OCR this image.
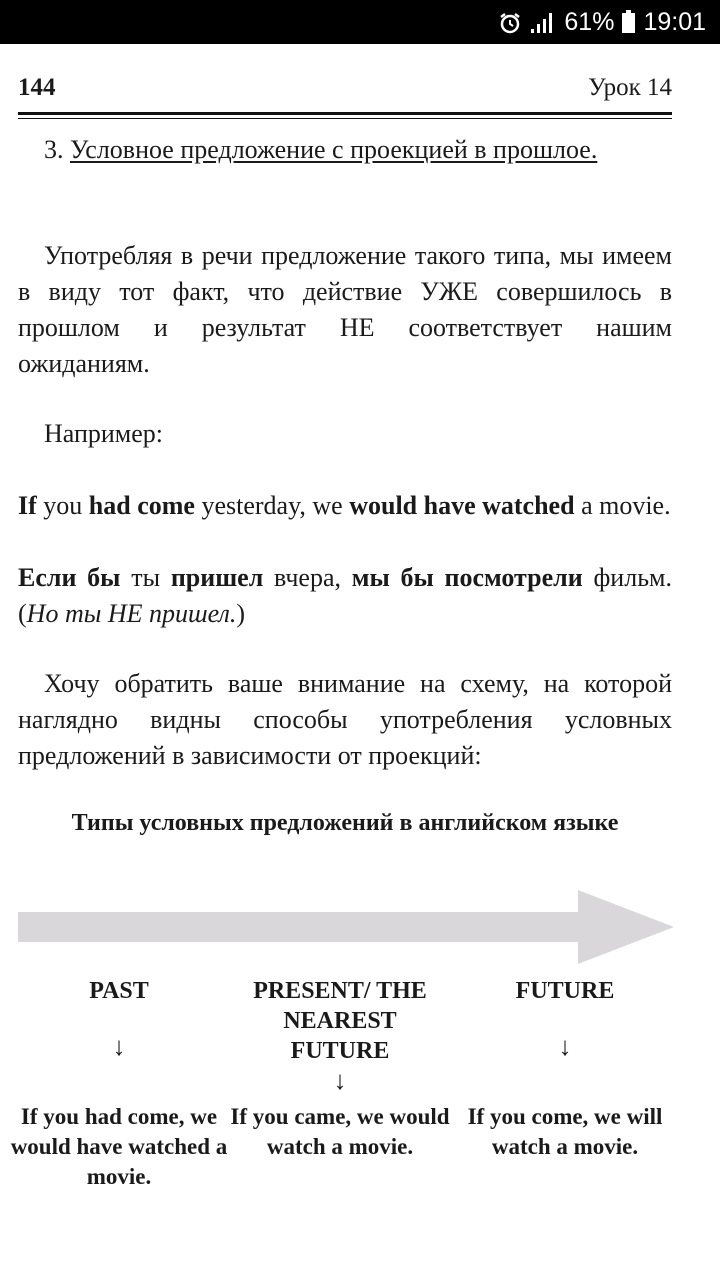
61% 19:01
144	Урок 14
3. Условное предложение с проекцией в прошлое.
Употребляя в речи предложение такого типа, мы имеем в виду тот факт, что действие УЖЕ совершилось в прошлом и результат НЕ соответствует нашим ожиданиям.
Например:
If you had come yesterday, we would have watched a movie.
Если бы ты пришел вчера, мы бы посмотрели фильм. (Но ты НЕ пришел.)
Хочу обратить ваше внимание на схему, на которой наглядно видны способы употребления условных предложений в зависимости от проекций:
Типы условных предложений в английском языке
PAST
↓
PRESENT/ THE NEAREST FUTURE
↓
FUTURE
↓
If you had come, we would have watched a movie.
If you came, we would watch a movie.
If you come, we will watch a movie.
